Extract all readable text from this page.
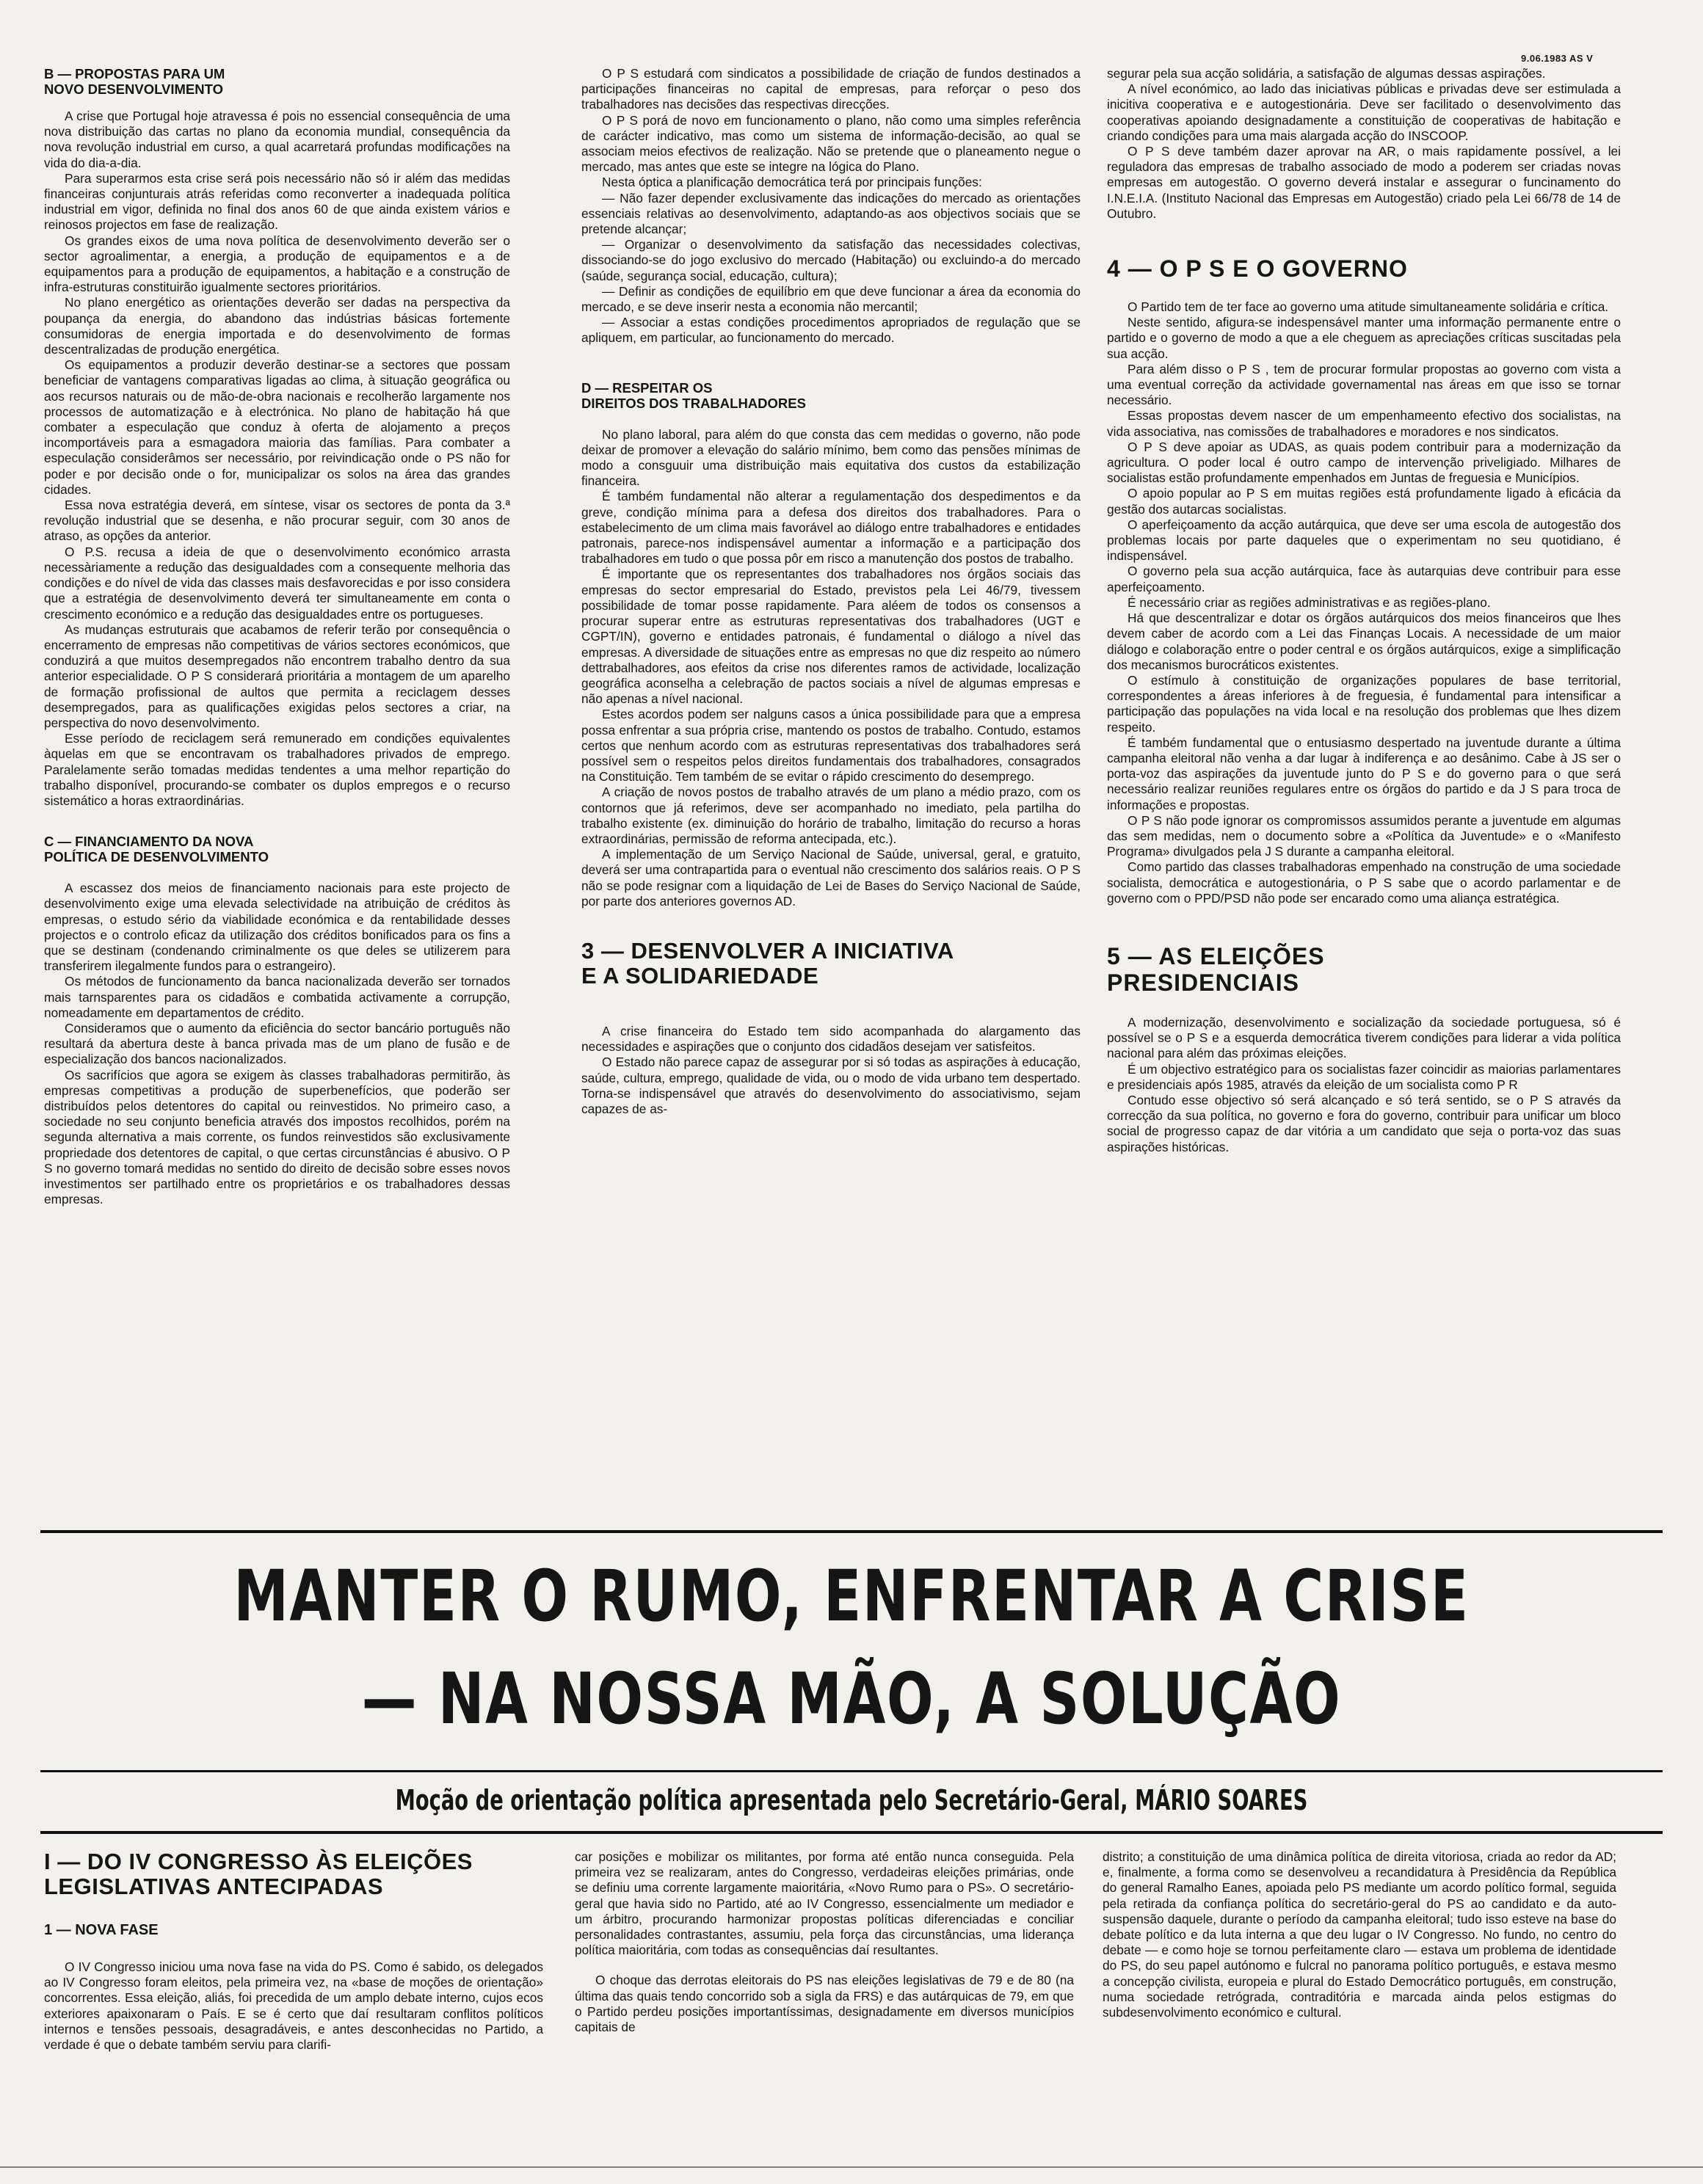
9.06.1983 AS V
B — PROPOSTAS PARA UM
NOVO DESENVOLVIMENTO

A crise que Portugal hoje atravessa é pois no essencial consequência de uma nova distribuição das cartas no plano da economia mundial, consequência da nova revolução industrial em curso, a qual acarretará profundas modificações na vida do dia-a-dia.

Para superarmos esta crise será pois necessário não só ir além das medidas financeiras conjunturais atrás referidas como reconverter a inadequada política industrial em vigor, definida no final dos anos 60 de que ainda existem vários e reinosos projectos em fase de realização.

Os grandes eixos de uma nova política de desenvolvimento deverão ser o sector agroalimentar, a energia, a produção de equipamentos e a de equipamentos para a produção de equipamentos, a habitação e a construção de infra-estruturas constituirão igualmente sectores prioritários.

No plano energético as orientações deverão ser dadas na perspectiva da poupança da energia, do abandono das indústrias básicas fortemente consumidoras de energia importada e do desenvolvimento de formas descentralizadas de produção energética.

Os equipamentos a produzir deverão destinar-se a sectores que possam beneficiar de vantagens comparativas ligadas ao clima, à situação geográfica ou aos recursos naturais ou de mão-de-obra nacionais e recolherão largamente nos processos de automatização e à electrónica. No plano de habitação há que combater a especulação que conduz à oferta de alojamento a preços incomportáveis para a esmagadora maioria das famílias. Para combater a especulação considerâmos ser necessário, por reivindicação onde o PS não for poder e por decisão onde o for, municipalizar os solos na área das grandes cidades.

Essa nova estratégia deverá, em síntese, visar os sectores de ponta da 3.ª revolução industrial que se desenha, e não procurar seguir, com 30 anos de atraso, as opções da anterior.

O P.S. recusa a ideia de que o desenvolvimento económico arrasta necessàriamente a redução das desigualdades com a consequente melhoria das condições e do nível de vida das classes mais desfavorecidas e por isso considera que a estratégia de desenvolvimento deverá ter simultaneamente em conta o crescimento económico e a redução das desigualdades entre os portugueses.

As mudanças estruturais que acabamos de referir terão por consequência o encerramento de empresas não competitivas de vários sectores económicos, que conduzirá a que muitos desempregados não encontrem trabalho dentro da sua anterior especialidade. O P S considerará prioritária a montagem de um aparelho de formação profissional de aultos que permita a reciclagem desses desempregados, para as qualificações exigidas pelos sectores a criar, na perspectiva do novo desenvolvimento.

Esse período de reciclagem será remunerado em condições equivalentes àquelas em que se encontravam os trabalhadores privados de emprego. Paralelamente serão tomadas medidas tendentes a uma melhor repartição do trabalho disponível, procurando-se combater os duplos empregos e o recurso sistemático a horas extraordinárias.

C — FINANCIAMENTO DA NOVA
POLÍTICA DE DESENVOLVIMENTO

A escassez dos meios de financiamento nacionais para este projecto de desenvolvimento exige uma elevada selectividade na atribuição de créditos às empresas, o estudo sério da viabilidade económica e da rentabilidade desses projectos e o controlo eficaz da utilização dos créditos bonificados para os fins a que se destinam (condenando criminalmente os que deles se utilizerem para transferirem ilegalmente fundos para o estrangeiro).

Os métodos de funcionamento da banca nacionalizada deverão ser tornados mais tarnsparentes para os cidadãos e combatida activamente a corrupção, nomeadamente em departamentos de crédito.

Consideramos que o aumento da eficiência do sector bancário português não resultará da abertura deste à banca privada mas de um plano de fusão e de especialização dos bancos nacionalizados.

Os sacrifícios que agora se exigem às classes trabalhadoras permitirão, às empresas competitivas a produção de superbenefícios, que poderão ser distribuídos pelos detentores do capital ou reinvestidos. No primeiro caso, a sociedade no seu conjunto beneficia através dos impostos recolhidos, porém na segunda alternativa a mais corrente, os fundos reinvestidos são exclusivamente propriedade dos detentores de capital, o que certas circunstâncias é abusivo. O P S no governo tomará medidas no sentido do direito de decisão sobre esses novos investimentos ser partilhado entre os proprietários e os trabalhadores dessas empresas.

O P S estudará com sindicatos a possibilidade de criação de fundos destinados a participações financeiras no capital de empresas, para reforçar o peso dos trabalhadores nas decisões das respectivas direcções.

O P S porá de novo em funcionamento o plano, não como uma simples referência de carácter indicativo, mas como um sistema de informação-decisão, ao qual se associam meios efectivos de realização. Não se pretende que o planeamento negue o mercado, mas antes que este se integre na lógica do Plano.

Nesta óptica a planificação democrática terá por principais funções:

— Não fazer depender exclusivamente das indicações do mercado as orientações essenciais relativas ao desenvolvimento, adaptando-as aos objectivos sociais que se pretende alcançar;

— Organizar o desenvolvimento da satisfação das necessidades colectivas, dissociando-se do jogo exclusivo do mercado (Habitação) ou excluindo-a do mercado (saúde, segurança social, educação, cultura);

— Definir as condições de equilíbrio em que deve funcionar a área da economia do mercado, e se deve inserir nesta a economia não mercantil;

— Associar a estas condições procedimentos apropriados de regulação que se apliquem, em particular, ao funcionamento do mercado.

D — RESPEITAR OS
DIREITOS DOS TRABALHADORES

No plano laboral, para além do que consta das cem medidas o governo, não pode deixar de promover a elevação do salário mínimo, bem como das pensões mínimas de modo a consguuir uma distribuição mais equitativa dos custos da estabilização financeira.

É também fundamental não alterar a regulamentação dos despedimentos e da greve, condição mínima para a defesa dos direitos dos trabalhadores. Para o estabelecimento de um clima mais favorável ao diálogo entre trabalhadores e entidades patronais, parece-nos indispensável aumentar a informação e a participação dos trabalhadores em tudo o que possa pôr em risco a manutenção dos postos de trabalho.

É importante que os representantes dos trabalhadores nos órgãos sociais das empresas do sector empresarial do Estado, previstos pela Lei 46/79, tivessem possibilidade de tomar posse rapidamente. Para aléem de todos os consensos a procurar superar entre as estruturas representativas dos trabalhadores (UGT e CGPT/IN), governo e entidades patronais, é fundamental o diálogo a nível das empresas. A diversidade de situações entre as empresas no que diz respeito ao número dettrabalhadores, aos efeitos da crise nos diferentes ramos de actividade, localização geográfica aconselha a celebração de pactos sociais a nível de algumas empresas e não apenas a nível nacional.

Estes acordos podem ser nalguns casos a única possibilidade para que a empresa possa enfrentar a sua própria crise, mantendo os postos de trabalho. Contudo, estamos certos que nenhum acordo com as estruturas representativas dos trabalhadores será possível sem o respeitos pelos direitos fundamentais dos trabalhadores, consagrados na Constituição. Tem também de se evitar o rápido crescimento do desemprego.

A criação de novos postos de trabalho através de um plano a médio prazo, com os contornos que já referimos, deve ser acompanhado no imediato, pela partilha do trabalho existente (ex. diminuição do horário de trabalho, limitação do recurso a horas extraordinárias, permissão de reforma antecipada, etc.).

A implementação de um Serviço Nacional de Saúde, universal, geral, e gratuito, deverá ser uma contrapartida para o eventual não crescimento dos salários reais. O P S não se pode resignar com a liquidação de Lei de Bases do Serviço Nacional de Saúde, por parte dos anteriores governos AD.

3 — DESENVOLVER A INICIATIVA
E A SOLIDARIEDADE

A crise financeira do Estado tem sido acompanhada do alargamento das necessidades e aspirações que o conjunto dos cidadãos desejam ver satisfeitos.

O Estado não parece capaz de assegurar por si só todas as aspirações à educação, saúde, cultura, emprego, qualidade de vida, ou o modo de vida urbano tem despertado. Torna-se indispensável que através do desenvolvimento do associativismo, sejam capazes de as-

segurar pela sua acção solidária, a satisfação de algumas dessas aspirações.

A nível económico, ao lado das iniciativas públicas e privadas deve ser estimulada a inicitiva cooperativa e e autogestionária. Deve ser facilitado o desenvolvimento das cooperativas apoiando designadamente a constituição de cooperativas de habitação e criando condições para uma mais alargada acção do INSCOOP.

O P S deve também dazer aprovar na AR, o mais rapidamente possível, a lei reguladora das empresas de trabalho associado de modo a poderem ser criadas novas empresas em autogestão. O governo deverá instalar e assegurar o funcinamento do I.N.E.I.A. (Instituto Nacional das Empresas em Autogestão) criado pela Lei 66/78 de 14 de Outubro.

4 — O P S E O GOVERNO

O Partido tem de ter face ao governo uma atitude simultaneamente solidária e crítica.

Neste sentido, afigura-se indespensável manter uma informação permanente entre o partido e o governo de modo a que a ele cheguem as apreciações críticas suscitadas pela sua acção.

Para além disso o P S , tem de procurar formular propostas ao governo com vista a uma eventual correção da actividade governamental nas áreas em que isso se tornar necessário.

Essas propostas devem nascer de um empenhameento efectivo dos socialistas, na vida associativa, nas comissões de trabalhadores e moradores e nos sindicatos.

O P S deve apoiar as UDAS, as quais podem contribuir para a modernização da agricultura. O poder local é outro campo de intervenção priveligiado. Milhares de socialistas estão profundamente empenhados em Juntas de freguesia e Municípios.

O apoio popular ao P S em muitas regiões está profundamente ligado à eficácia da gestão dos autarcas socialistas.

O aperfeiçoamento da acção autárquica, que deve ser uma escola de autogestão dos problemas locais por parte daqueles que o experimentam no seu quotidiano, é indispensável.

O governo pela sua acção autárquica, face às autarquias deve contribuir para esse aperfeiçoamento.

É necessário criar as regiões administrativas e as regiões-plano.

Há que descentralizar e dotar os órgãos autárquicos dos meios financeiros que lhes devem caber de acordo com a Lei das Finanças Locais. A necessidade de um maior diálogo e colaboração entre o poder central e os órgãos autárquicos, exige a simplificação dos mecanismos burocráticos existentes.

O estímulo à constituição de organizações populares de base territorial, correspondentes a áreas inferiores à de freguesia, é fundamental para intensificar a participação das populações na vida local e na resolução dos problemas que lhes dizem respeito.

É também fundamental que o entusiasmo despertado na juventude durante a última campanha eleitoral não venha a dar lugar à indiferença e ao desânimo. Cabe à JS ser o porta-voz das aspirações da juventude junto do P S e do governo para o que será necessário realizar reuniões regulares entre os órgãos do partido e da J S para troca de informações e propostas.

O P S não pode ignorar os compromissos assumidos perante a juventude em algumas das sem medidas, nem o documento sobre a «Política da Juventude» e o «Manifesto Programa» divulgados pela J S durante a campanha eleitoral.

Como partido das classes trabalhadoras empenhado na construção de uma sociedade socialista, democrática e autogestionária, o P S sabe que o acordo parlamentar e de governo com o PPD/PSD não pode ser encarado como uma aliança estratégica.

5 — AS ELEIÇÕES
PRESIDENCIAIS

A modernização, desenvolvimento e socialização da sociedade portuguesa, só é possível se o P S e a esquerda democrática tiverem condições para liderar a vida política nacional para além das próximas eleições.

É um objectivo estratégico para os socialistas fazer coincidir as maiorias parlamentares e presidenciais após 1985, através da eleição de um socialista como P R

Contudo esse objectivo só será alcançado e só terá sentido, se o P S através da correcção da sua política, no governo e fora do governo, contribuir para unificar um bloco social de progresso capaz de dar vitória a um candidato que seja o porta-voz das suas aspirações históricas.

MANTER O RUMO, ENFRENTAR A CRISE
— NA NOSSA MÃO, A SOLUÇÃO
Moção de orientação política apresentada pelo Secretário-Geral, MÁRIO SOARES
I — DO IV CONGRESSO ÀS ELEIÇÕES
LEGISLATIVAS ANTECIPADAS
1 — NOVA FASE

O IV Congresso iniciou uma nova fase na vida do PS. Como é sabido, os delegados ao IV Congresso foram eleitos, pela primeira vez, na «base de moções de orientação» concorrentes. Essa eleição, aliás, foi precedida de um amplo debate interno, cujos ecos exteriores apaixonaram o País. E se é certo que daí resultaram conflitos políticos internos e tensões pessoais, desagradáveis, e antes desconhecidas no Partido, a verdade é que o debate também serviu para clarifi-

car posições e mobilizar os militantes, por forma até então nunca conseguida. Pela primeira vez se realizaram, antes do Congresso, verdadeiras eleições primárias, onde se definiu uma corrente largamente maioritária, «Novo Rumo para o PS». O secretário-geral que havia sido no Partido, até ao IV Congresso, essencialmente um mediador e um árbitro, procurando harmonizar propostas políticas diferenciadas e conciliar personalidades contrastantes, assumiu, pela força das circunstâncias, uma liderança política maioritária, com todas as consequências daí resultantes.

O choque das derrotas eleitorais do PS nas eleições legislativas de 79 e de 80 (na última das quais tendo concorrido sob a sigla da FRS) e das autárquicas de 79, em que o Partido perdeu posições importantíssimas, designadamente em diversos municípios capitais de

distrito; a constituição de uma dinâmica política de direita vitoriosa, criada ao redor da AD; e, finalmente, a forma como se desenvolveu a recandidatura à Presidência da República do general Ramalho Eanes, apoiada pelo PS mediante um acordo político formal, seguida pela retirada da confiança política do secretário-geral do PS ao candidato e da auto-suspensão daquele, durante o período da campanha eleitoral; tudo isso esteve na base do debate político e da luta interna a que deu lugar o IV Congresso. No fundo, no centro do debate — e como hoje se tornou perfeitamente claro — estava um problema de identidade do PS, do seu papel autónomo e fulcral no panorama político português, e estava mesmo a concepção civilista, europeia e plural do Estado Democrático português, em construção, numa sociedade retrógrada, contraditória e marcada ainda pelos estigmas do subdesenvolvimento económico e cultural.
